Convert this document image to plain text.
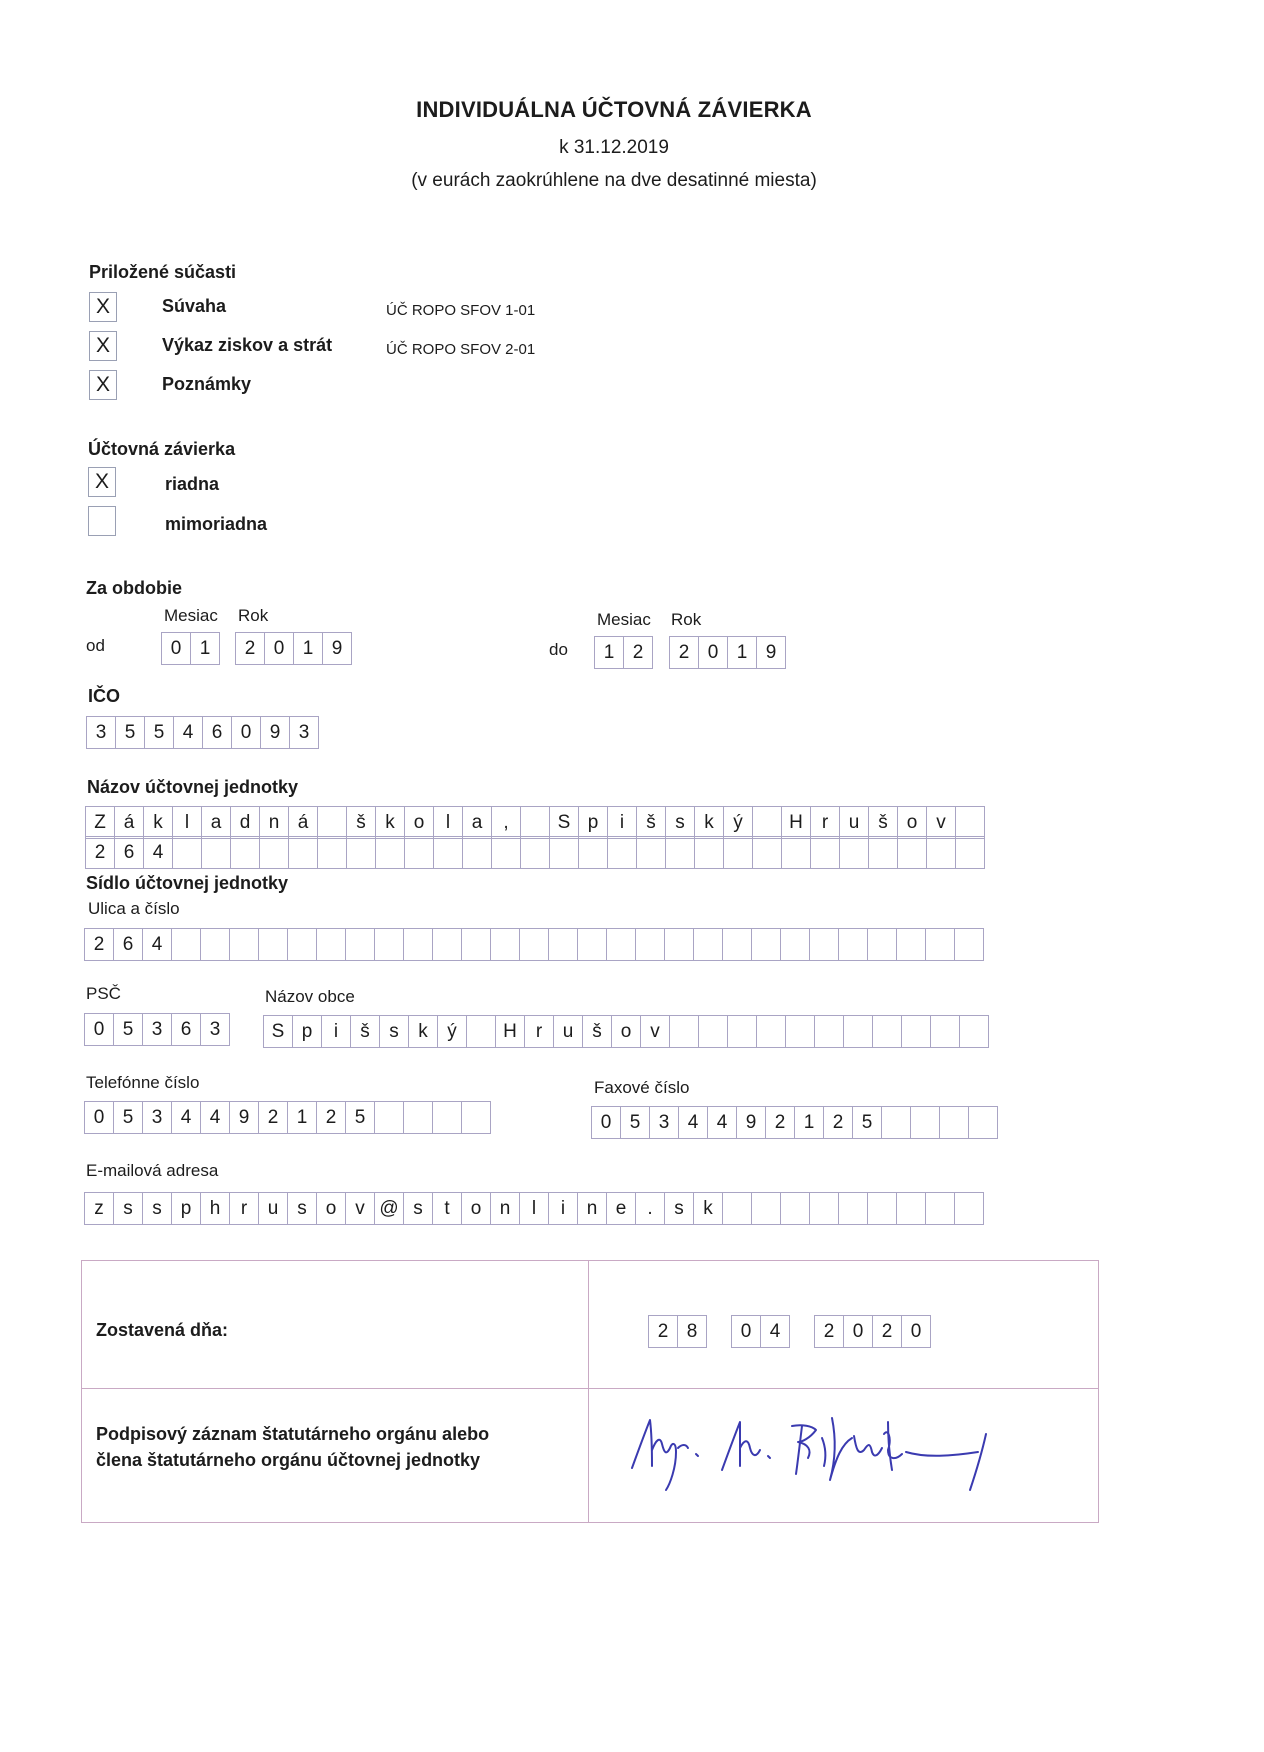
INDIVIDUÁLNA ÚČTOVNÁ ZÁVIERKA
k 31.12.2019
(v eurách zaokrúhlene na dve desatinné miesta)
Priložené súčasti
X	Súvaha	ÚČ ROPO SFOV 1-01
X	Výkaz ziskov a strát	ÚČ ROPO SFOV 2-01
X	Poznámky
Účtovná závierka
X	riadna
mimoriadna
Za obdobie
Mesiac Rok	Mesiac Rok
od	do
0 1	2 0 1 9	1 2	2 0 1 9
IČO
3 5 5 4 6 0 9 3
Názov účtovnej jednotky
Z á k	l	a d n á	š	k o	l	a	,	S p	i	š	s	k	ý	H r	u š o v
2 6 4
Sídlo účtovnej jednotky
Ulica a číslo
2 6 4
PSČ	Názov obce
0 5 3 6 3	S p	i	š	s	k	ý	H r	u š o v
Telefónne číslo	Faxové číslo
0 5 3 4 4 9 2 1 2 5	0 5 3 4 4 9 2 1 2 5
E-mailová adresa
z	s	s p h	r	u s o v @ s	t	o n	l	i	n e	.	s	k
Zostavená dňa:	2 8	0 4	2 0 2 0
Podpisový záznam štatutárneho orgánu alebo
člena štatutárneho orgánu účtovnej jednotky
